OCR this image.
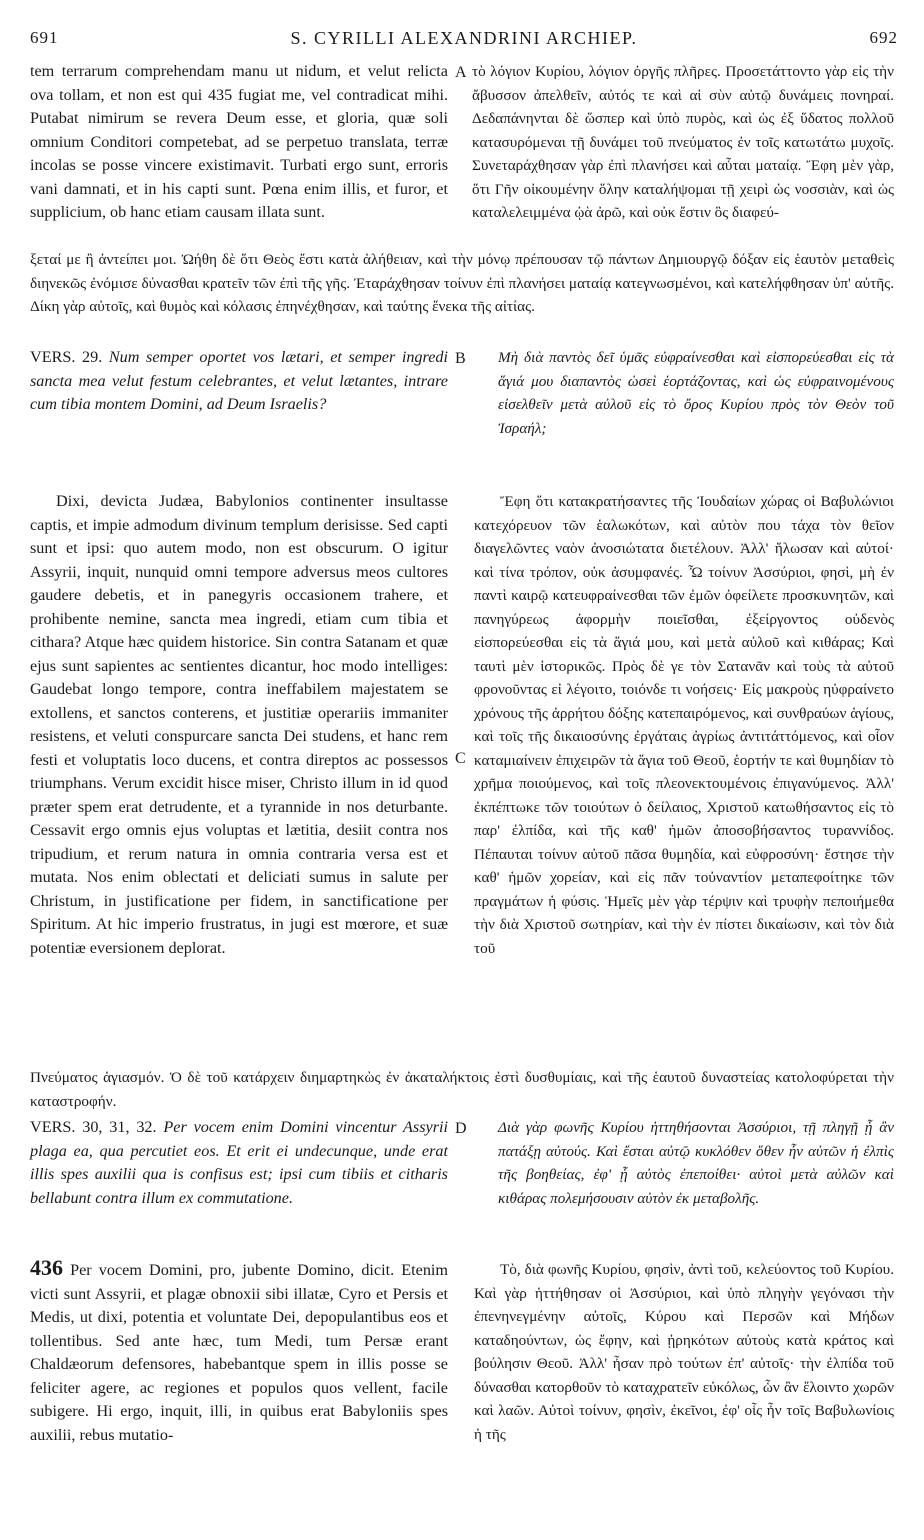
691	S. CYRILLI ALEXANDRINI ARCHIEP.	692
tem terrarum comprehendam manu ut nidum, et velut relicta ova tollam, et non est qui 435 fugiat me, vel contradicat mihi. Putabat nimirum se revera Deum esse, et gloria, quæ soli omnium Conditori competebat, ad se perpetuo translata, terræ incolas se posse vincere existimavit. Turbati ergo sunt, erroris vani damnati, et in his capti sunt. Pœna enim illis, et furor, et supplicium, ob hanc etiam causam illata sunt.
A τὸ λόγιον Κυρίου, λόγιον ὀργῆς πλῆρες. Προσετάττοντο γὰρ εἰς τὴν ἄβυσσον ἀπελθεῖν, αὐτός τε καὶ αἱ σὺν αὐτῷ δυνάμεις πονηραί. Δεδαπάνηνται δὲ ὥσπερ καὶ ὑπὸ πυρὸς, καὶ ὡς ἐξ ὕδατος πολλοῦ κατασυρόμεναι τῇ δυνάμει τοῦ πνεύματος ἐν τοῖς κατωτάτω μυχοῖς. Συνεταράχθησαν γὰρ ἐπὶ πλανήσει καὶ αὗται ματαίᾳ. Ἔφη μὲν γὰρ, ὅτι Γῆν οἰκουμένην ὅλην καταλήψομαι τῇ χειρὶ ὡς νοσσιὰν, καὶ ὡς καταλελειμμένα ᾠὰ ἀρῶ, καὶ οὐκ ἔστιν ὃς διαφεύ-
ξεταί με ἢ ἀντείπει μοι. Ὠήθη δὲ ὅτι Θεὸς ἔστι κατὰ ἀλήθειαν, καὶ τὴν μόνῳ πρέπουσαν τῷ πάντων Δημιουργῷ δόξαν εἰς ἑαυτὸν μεταθεὶς διηνεκῶς ἐνόμισε δύνασθαι κρατεῖν τῶν ἐπὶ τῆς γῆς. Ἐταράχθησαν τοίνυν ἐπὶ πλανήσει ματαίᾳ κατεγνωσμένοι, καὶ κατελήφθησαν ὑπ' αὐτῆς. Δίκη γὰρ αὐτοῖς, καὶ θυμὸς καὶ κόλασις ἐπηνέχθησαν, καὶ ταύτης ἕνεκα τῆς αἰτίας.
VERS. 29. Num semper oportet vos lætari, et semper ingredi sancta mea velut festum celebrantes, et velut lætantes, intrare cum tibia montem Domini, ad Deum Israelis?
B Μὴ διὰ παντὸς δεῖ ὑμᾶς εὐφραίνεσθαι καὶ εἰσπορεύεσθαι εἰς τὰ ἅγιά μου διαπαντὸς ὡσεὶ ἑορτάζοντας, καὶ ὡς εὐφραινομένους εἰσελθεῖν μετὰ αὐλοῦ εἰς τὸ ὄρος Κυρίου πρὸς τὸν Θεὸν τοῦ Ἰσραήλ;
Dixi, devicta Judæa, Babylonios continenter insultasse captis, et impie admodum divinum templum derisisse. Sed capti sunt et ipsi: quo autem modo, non est obscurum. Ο igitur Assyrii, inquit, nunquid omni tempore adversus meos cultores gaudere debetis, et in panegyris occasionem trahere, et prohibente nemine, sancta mea ingredi, etiam cum tibia et cithara? Atque hæc quidem historice. Sin contra Satanam et quæ ejus sunt sapientes ac sentientes dicantur, hoc modo intelliges: Gaudebat longo tempore, contra ineffabilem majestatem se extollens, et sanctos conterens, et justitiæ operariis immaniter resistens, et veluti conspurcare sancta Dei studens, et hanc rem festi et voluptatis loco ducens, et contra direptos ac possessos triumphans. Verum excidit hisce miser, Christo illum in id quod præter spem erat detrudente, et a tyrannide in nos deturbante. Cessavit ergo omnis ejus voluptas et lætitia, desiit contra nos tripudium, et rerum natura in omnia contraria versa est et mutata. Nos enim oblectati et deliciati sumus in salute per Christum, in justificatione per fidem, in sanctificatione per Spiritum. At hic imperio frustratus, in jugi est mœrore, et suæ potentiæ eversionem deplorat.
C
Ἔφη ὅτι κατακρατήσαντες τῆς Ἰουδαίων χώρας οἱ Βαβυλώνιοι κατεχόρευον τῶν ἑαλωκότων, καὶ αὐτὸν που τάχα τὸν θεῖον διαγελῶντες ναὸν ἀνοσιώτατα διετέλουν. Ἀλλ' ἥλωσαν καὶ αὐτοί· καὶ τίνα τρόπον, οὐκ ἀσυμφανές. Ὦ τοίνυν Ἀσσύριοι, φησὶ, μὴ ἐν παντὶ καιρῷ κατευφραίνεσθαι τῶν ἐμῶν ὀφείλετε προσκυνητῶν, καὶ πανηγύρεως ἀφορμὴν ποιεῖσθαι, ἐξείργοντος οὐδενὸς εἰσπορεύεσθαι εἰς τὰ ἅγιά μου, καὶ μετὰ αὐλοῦ καὶ κιθάρας; Καὶ ταυτὶ μὲν ἱστορικῶς. Πρὸς δὲ γε τὸν Σατανᾶν καὶ τοὺς τὰ αὐτοῦ φρονοῦντας εἰ λέγοιτο, τοιόνδε τι νοήσεις· Εἰς μακροὺς ηὐφραίνετο χρόνους τῆς ἀρρήτου δόξης κατεπαιρόμενος, καὶ συνθραύων ἁγίους, καὶ τοῖς τῆς δικαιοσύνης ἐργάταις ἀγρίως ἀντιτάττόμενος, καὶ οἷον καταμιαίνειν ἐπιχειρῶν τὰ ἅγια τοῦ Θεοῦ, ἑορτήν τε καὶ θυμηδίαν τὸ χρῆμα ποιούμενος, καὶ τοῖς πλεονεκτουμένοις ἐπιγανύμενος. Ἀλλ' ἐκπέπτωκε τῶν τοιούτων ὁ δείλαιος, Χριστοῦ κατωθήσαντος εἰς τὸ παρ' ἐλπίδα, καὶ τῆς καθ' ἡμῶν ἀποσοβήσαντος τυραννίδος. Πέπαυται τοίνυν αὐτοῦ πᾶσα θυμηδία, καὶ εὐφροσύνη· ἔστησε τὴν καθ' ἡμῶν χορείαν, καὶ εἰς πᾶν τοὐναντίον μεταπεφοίτηκε τῶν πραγμάτων ἡ φύσις. Ἡμεῖς μὲν γὰρ τέρψιν καὶ τρυφὴν πεποιήμεθα τὴν διὰ Χριστοῦ σωτηρίαν, καὶ τὴν ἐν πίστει δικαίωσιν, καὶ τὸν διὰ τοῦ
Πνεύματος ἁγιασμόν. Ὁ δὲ τοῦ κατάρχειν διημαρτηκὼς ἐν ἀκαταλήκτοις ἐστὶ δυσθυμίαις, καὶ τῆς ἑαυτοῦ δυναστείας κατολοφύρεται τὴν καταστροφήν.
VERS. 30, 31, 32. Per vocem enim Domini vincentur Assyrii plaga ea, qua percutiet eos. Et erit ei undecunque, unde erat illis spes auxilii qua is confisus est; ipsi cum tibiis et citharis bellabunt contra illum ex commutatione.
D Διὰ γὰρ φωνῆς Κυρίου ἡττηθήσονται Ἀσσύριοι, τῇ πληγῇ ᾗ ἂν πατάξῃ αὐτούς. Καὶ ἔσται αὐτῷ κυκλόθεν ὅθεν ἦν αὐτῶν ἡ ἐλπὶς τῆς βοηθείας, ἐφ' ᾗ αὐτὸς ἐπεποίθει· αὐτοὶ μετὰ αὐλῶν καὶ κιθάρας πολεμήσουσιν αὐτὸν ἐκ μεταβολῆς.
436 Per vocem Domini, pro, jubente Domino, dicit. Etenim victi sunt Assyrii, et plagæ obnoxii sibi illatæ, Cyro et Persis et Medis, ut dixi, potentia et voluntate Dei, depopulantibus eos et tollentibus. Sed ante hæc, tum Medi, tum Persæ erant Chaldæorum defensores, habebantque spem in illis posse se feliciter agere, ac regiones et populos quos vellent, facile subigere. Hi ergo, inquit, illi, in quibus erat Babyloniis spes auxilii, rebus mutatio-
Τὸ, διὰ φωνῆς Κυρίου, φησὶν, ἀντὶ τοῦ, κελεύοντος τοῦ Κυρίου. Καὶ γὰρ ἡττήθησαν οἱ Ἀσσύριοι, καὶ ὑπὸ πληγὴν γεγόνασι τὴν ἐπενηνεγμένην αὐτοῖς, Κύρου καὶ Περσῶν καὶ Μήδων καταδηούντων, ὡς ἔφην, καὶ ᾐρηκότων αὐτοὺς κατὰ κράτος καὶ βούλησιν Θεοῦ. Ἀλλ' ἦσαν πρὸ τούτων ἐπ' αὐτοῖς· τὴν ἐλπίδα τοῦ δύνασθαι κατορθοῦν τὸ καταχρατεῖν εὐκόλως, ὧν ἂν ἕλοιντο χωρῶν καὶ λαῶν. Αὐτοὶ τοίνυν, φησὶν, ἐκεῖνοι, ἐφ' οἷς ἦν τοῖς Βαβυλωνίοις ἡ τῆς
